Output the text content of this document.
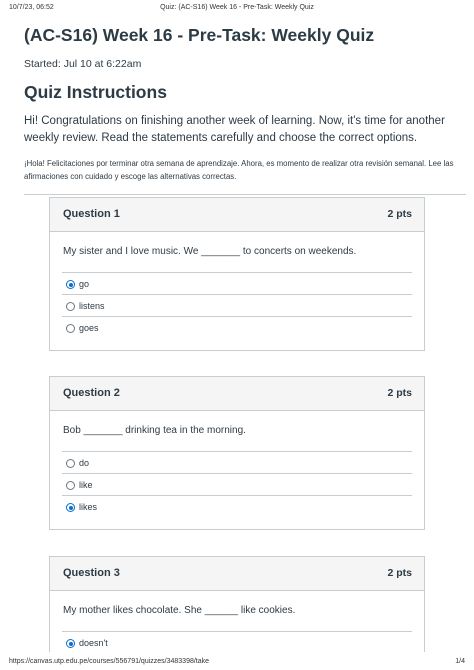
10/7/23, 06:52	Quiz: (AC-S16) Week 16 - Pre-Task: Weekly Quiz
(AC-S16) Week 16 - Pre-Task: Weekly Quiz
Started: Jul 10 at 6:22am
Quiz Instructions

Hi! Congratulations on finishing another week of learning. Now, it's time for another weekly review. Read the statements carefully and choose the correct options.

¡Hola! Felicitaciones por terminar otra semana de aprendizaje. Ahora, es momento de realizar otra revisión semanal. Lee las afirmaciones con cuidado y escoge las alternativas correctas.

Question 1	2 pts
My sister and I love music. We _______ to concerts on weekends.
go
listens
goes
Question 2	2 pts
Bob _______ drinking tea in the morning.
do
like
likes
Question 3	2 pts
My mother likes chocolate. She ______ like cookies.
doesn't
https://canvas.utp.edu.pe/courses/556791/quizzes/3483398/take	1/4
